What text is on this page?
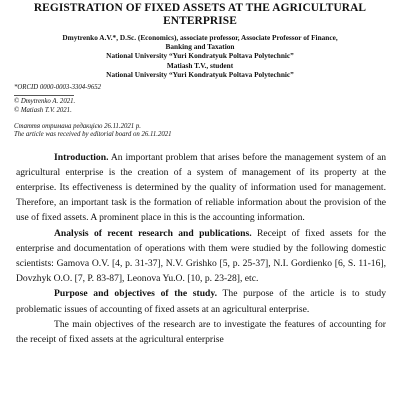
REGISTRATION OF FIXED ASSETS AT THE AGRICULTURAL ENTERPRISE
Dmytrenko A.V.*, D.Sc. (Economics), associate professor, Associate Professor of Finance,
Banking and Taxation
National University “Yuri Kondratyuk Poltava Polytechnic”
Matiash T.V., student
National University “Yuri Kondratyuk Poltava Polytechnic”
*ORCID 0000-0003-3304-9652
© Dmytrenko A. 2021.
© Matiash T.V. 2021.
Стаття отримана редакцією 26.11.2021 р.
The article was received by editorial board on 26.11.2021

Introduction. An important problem that arises before the management system of an agricultural enterprise is the creation of a system of management of its property at the enterprise. Its effectiveness is determined by the quality of information used for management. Therefore, an important task is the formation of reliable information about the provision of the use of fixed assets. A prominent place in this is the accounting information.

Analysis of recent research and publications. Receipt of fixed assets for the enterprise and documentation of operations with them were studied by the following domestic scientists: Gamova O.V. [4, p. 31-37], N.V. Grishko [5, p. 25-37], N.I. Gordienko [6, S. 11-16], Dovzhyk O.O. [7, P. 83-87], Leonova Yu.O. [10, p. 23-28], etc.

Purpose and objectives of the study. The purpose of the article is to study problematic issues of accounting of fixed assets at an agricultural enterprise.

The main objectives of the research are to investigate the features of accounting for the receipt of fixed assets at the agricultural enterprise
